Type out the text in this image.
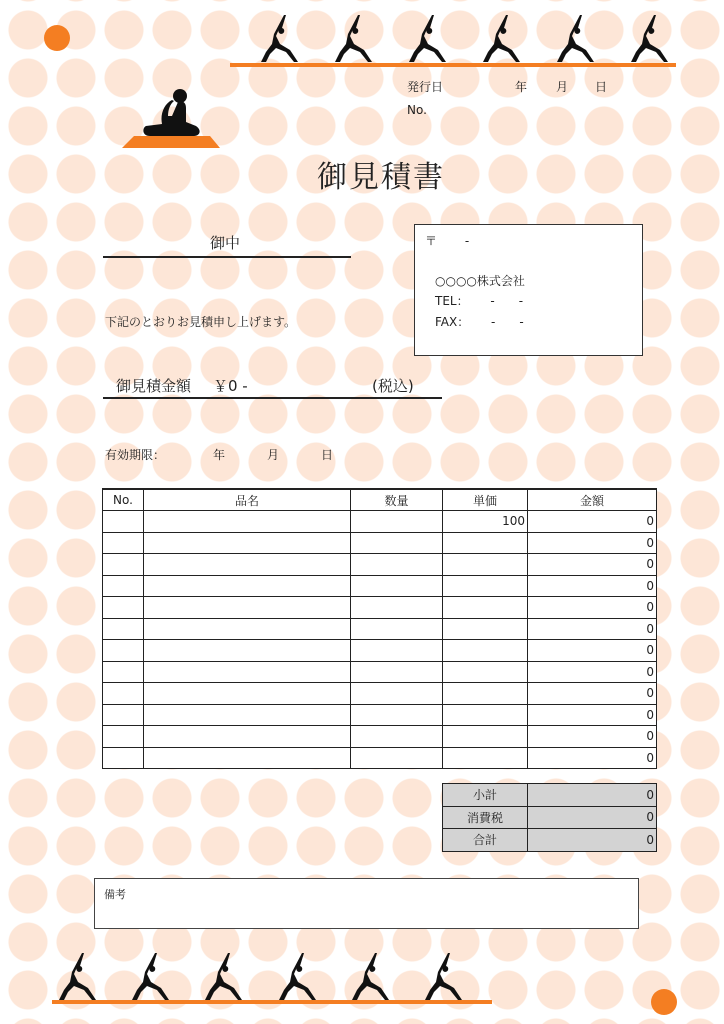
発行日	年 月 日
No.
御見積書
御中
下記のとおりお見積申し上げます。
〒　　 -
○○○○株式会社
TEL：　　 -　　-
FAX：　　 -　　-
御見積金額 ￥0 -	(税込)
有効期限：	年	月	日
No.	品名	数量	単価	金額
			100	0
				0
				0
				0
				0
				0
				0
				0
				0
				0
				0
				0
小計	0
消費税	0
合計	0
備考
